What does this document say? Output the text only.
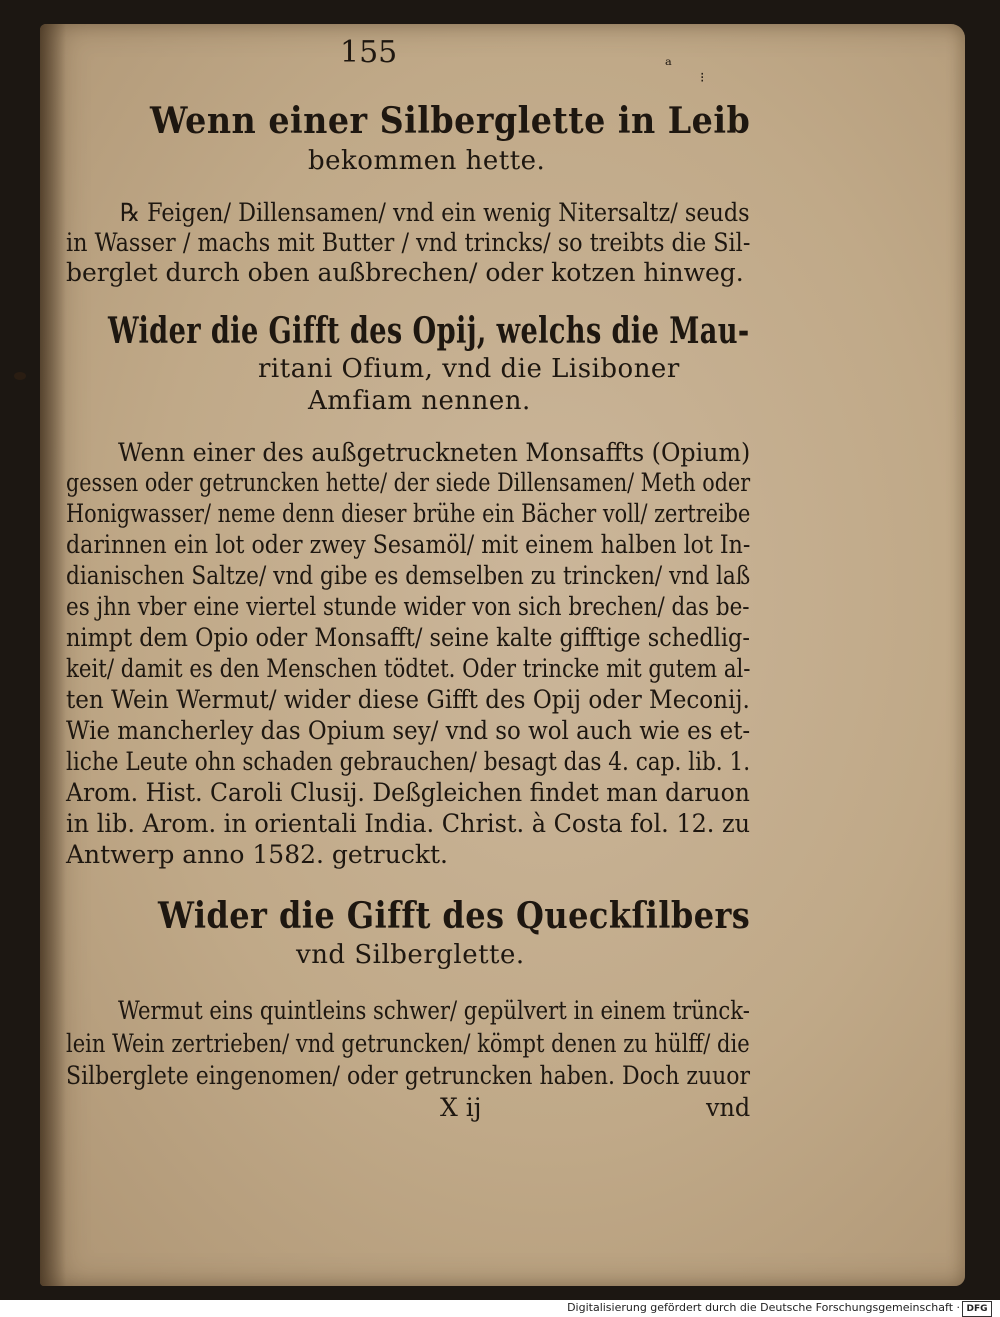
155	ᵃ
⁝
Wenn einer Silberglette in Leib
bekommen hette.
℞ Feigen/ Dillensamen/ vnd ein wenig Nitersaltz/ seuds
in Wasser / machs mit Butter / vnd trincks/ so treibts die Sil-
berglet durch oben außbrechen/ oder kotzen hinweg.
Wider die Gifft des Opij, welchs die Mau-
ritani Ofium, vnd die Lisiboner
Amfiam nennen.
Wenn einer des außgetruckneten Monsaffts (Opium)
gessen oder getruncken hette/ der siede Dillensamen/ Meth oder
Honigwasser/ neme denn dieser brühe ein Bächer voll/ zertreibe
darinnen ein lot oder zwey Sesamöl/ mit einem halben lot In-
dianischen Saltze/ vnd gibe es demselben zu trincken/ vnd laß
es jhn vber eine viertel stunde wider von sich brechen/ das be-
nimpt dem Opio oder Monsafft/ seine kalte gifftige schedlig-
keit/ damit es den Menschen tödtet. Oder trincke mit gutem al-
ten Wein Wermut/ wider diese Gifft des Opij oder Meconij.
Wie mancherley das Opium sey/ vnd so wol auch wie es et-
liche Leute ohn schaden gebrauchen/ besagt das 4. cap. lib. 1.
Arom. Hist. Caroli Clusij. Deßgleichen findet man daruon
in lib. Arom. in orientali India. Christ. à Costa fol. 12. zu
Antwerp anno 1582. getruckt.
Wider die Gifft des Queckſilbers
vnd Silberglette.
Wermut eins quintleins schwer/ gepülvert in einem trünck-
lein Wein zertrieben/ vnd getruncken/ kömpt denen zu hülff/ die
Silberglete eingenomen/ oder getruncken haben. Doch zuuor
X ij	vnd
Digitalisierung gefördert durch die Deutsche Forschungsgemeinschaft · DFG
